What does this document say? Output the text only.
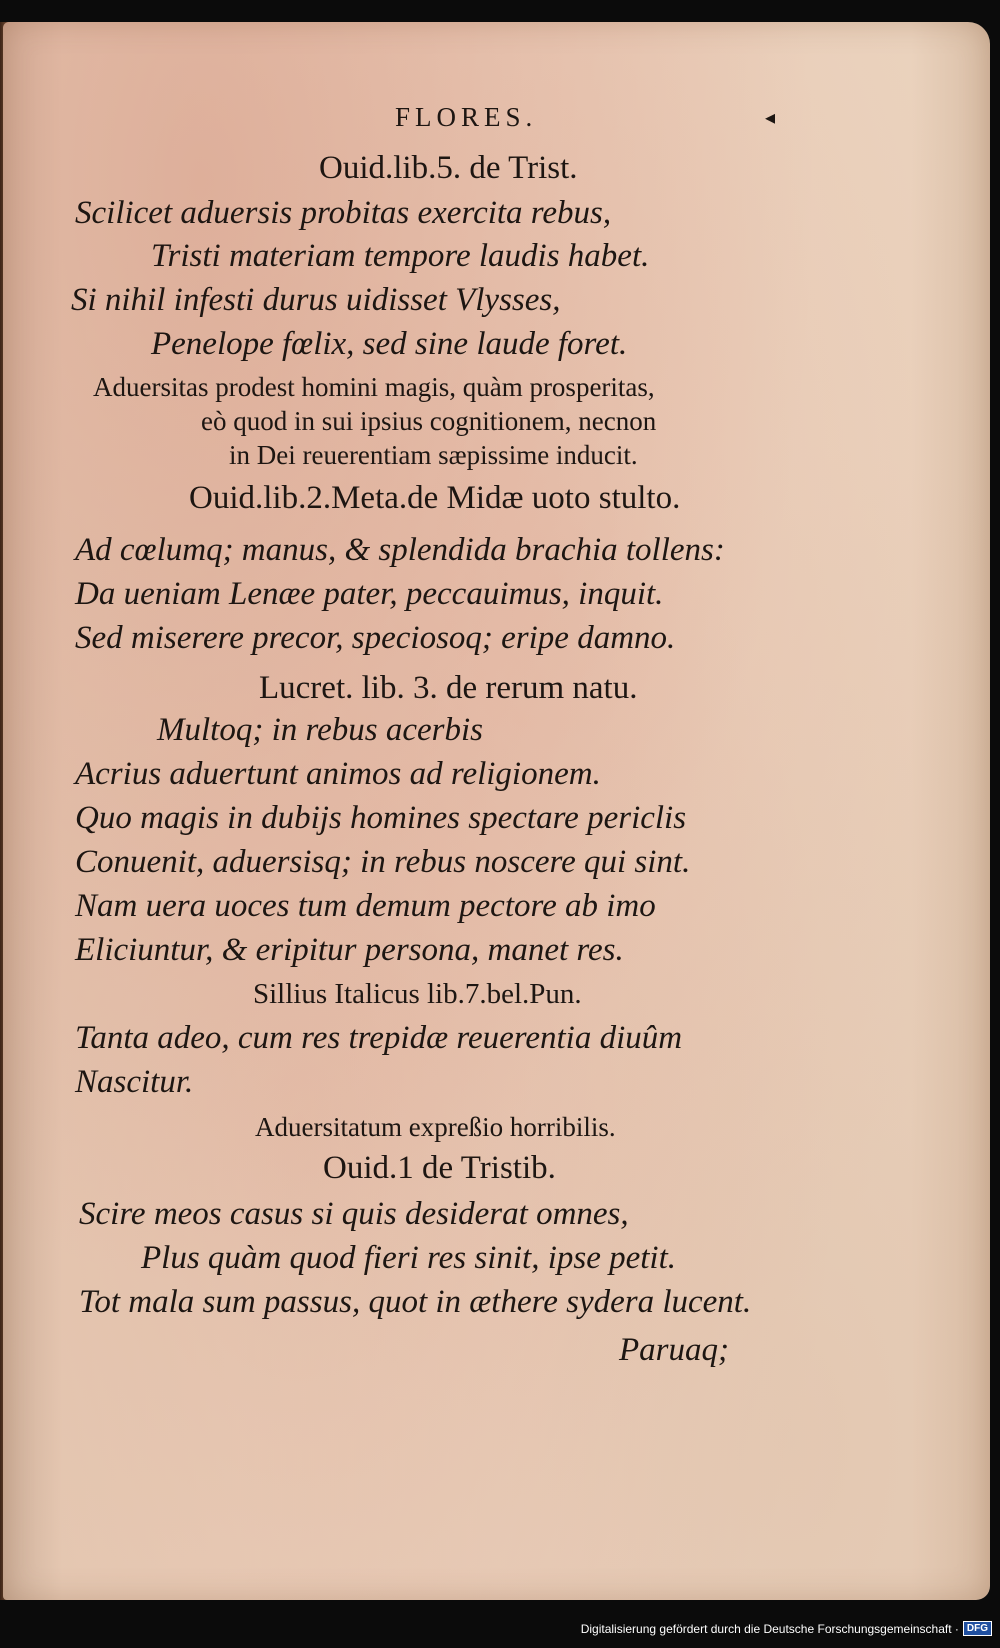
FLORES.	◂
Ouid.lib.5. de Trist.
Scilicet aduersis probitas exercita rebus,
Tristi materiam tempore laudis habet.
Si nihil infesti durus uidisset Vlysses,
Penelope fœlix, sed sine laude foret.
Aduersitas prodest homini magis, quàm prosperitas,
eò quod in sui ipsius cognitionem, necnon
in Dei reuerentiam sæpissime inducit.
Ouid.lib.2.Meta.de Midæ uoto stulto.
Ad cœlumq; manus, & splendida brachia tollens:
Da ueniam Lenæe pater, peccauimus, inquit.
Sed miserere precor, speciosoq; eripe damno.
Lucret. lib. 3. de rerum natu.
Multoq; in rebus acerbis
Acrius aduertunt animos ad religionem.
Quo magis in dubijs homines spectare periclis
Conuenit, aduersisq; in rebus noscere qui sint.
Nam uera uoces tum demum pectore ab imo
Eliciuntur, & eripitur persona, manet res.
Sillius Italicus lib.7.bel.Pun.
Tanta adeo, cum res trepidæ reuerentia diuûm
Nascitur.
Aduersitatum expreßio horribilis.
Ouid.1 de Tristib.
Scire meos casus si quis desiderat omnes,
Plus quàm quod fieri res sinit, ipse petit.
Tot mala sum passus, quot in æthere sydera lucent.
Paruaq;
Digitalisierung gefördert durch die Deutsche Forschungsgemeinschaft · DFG
